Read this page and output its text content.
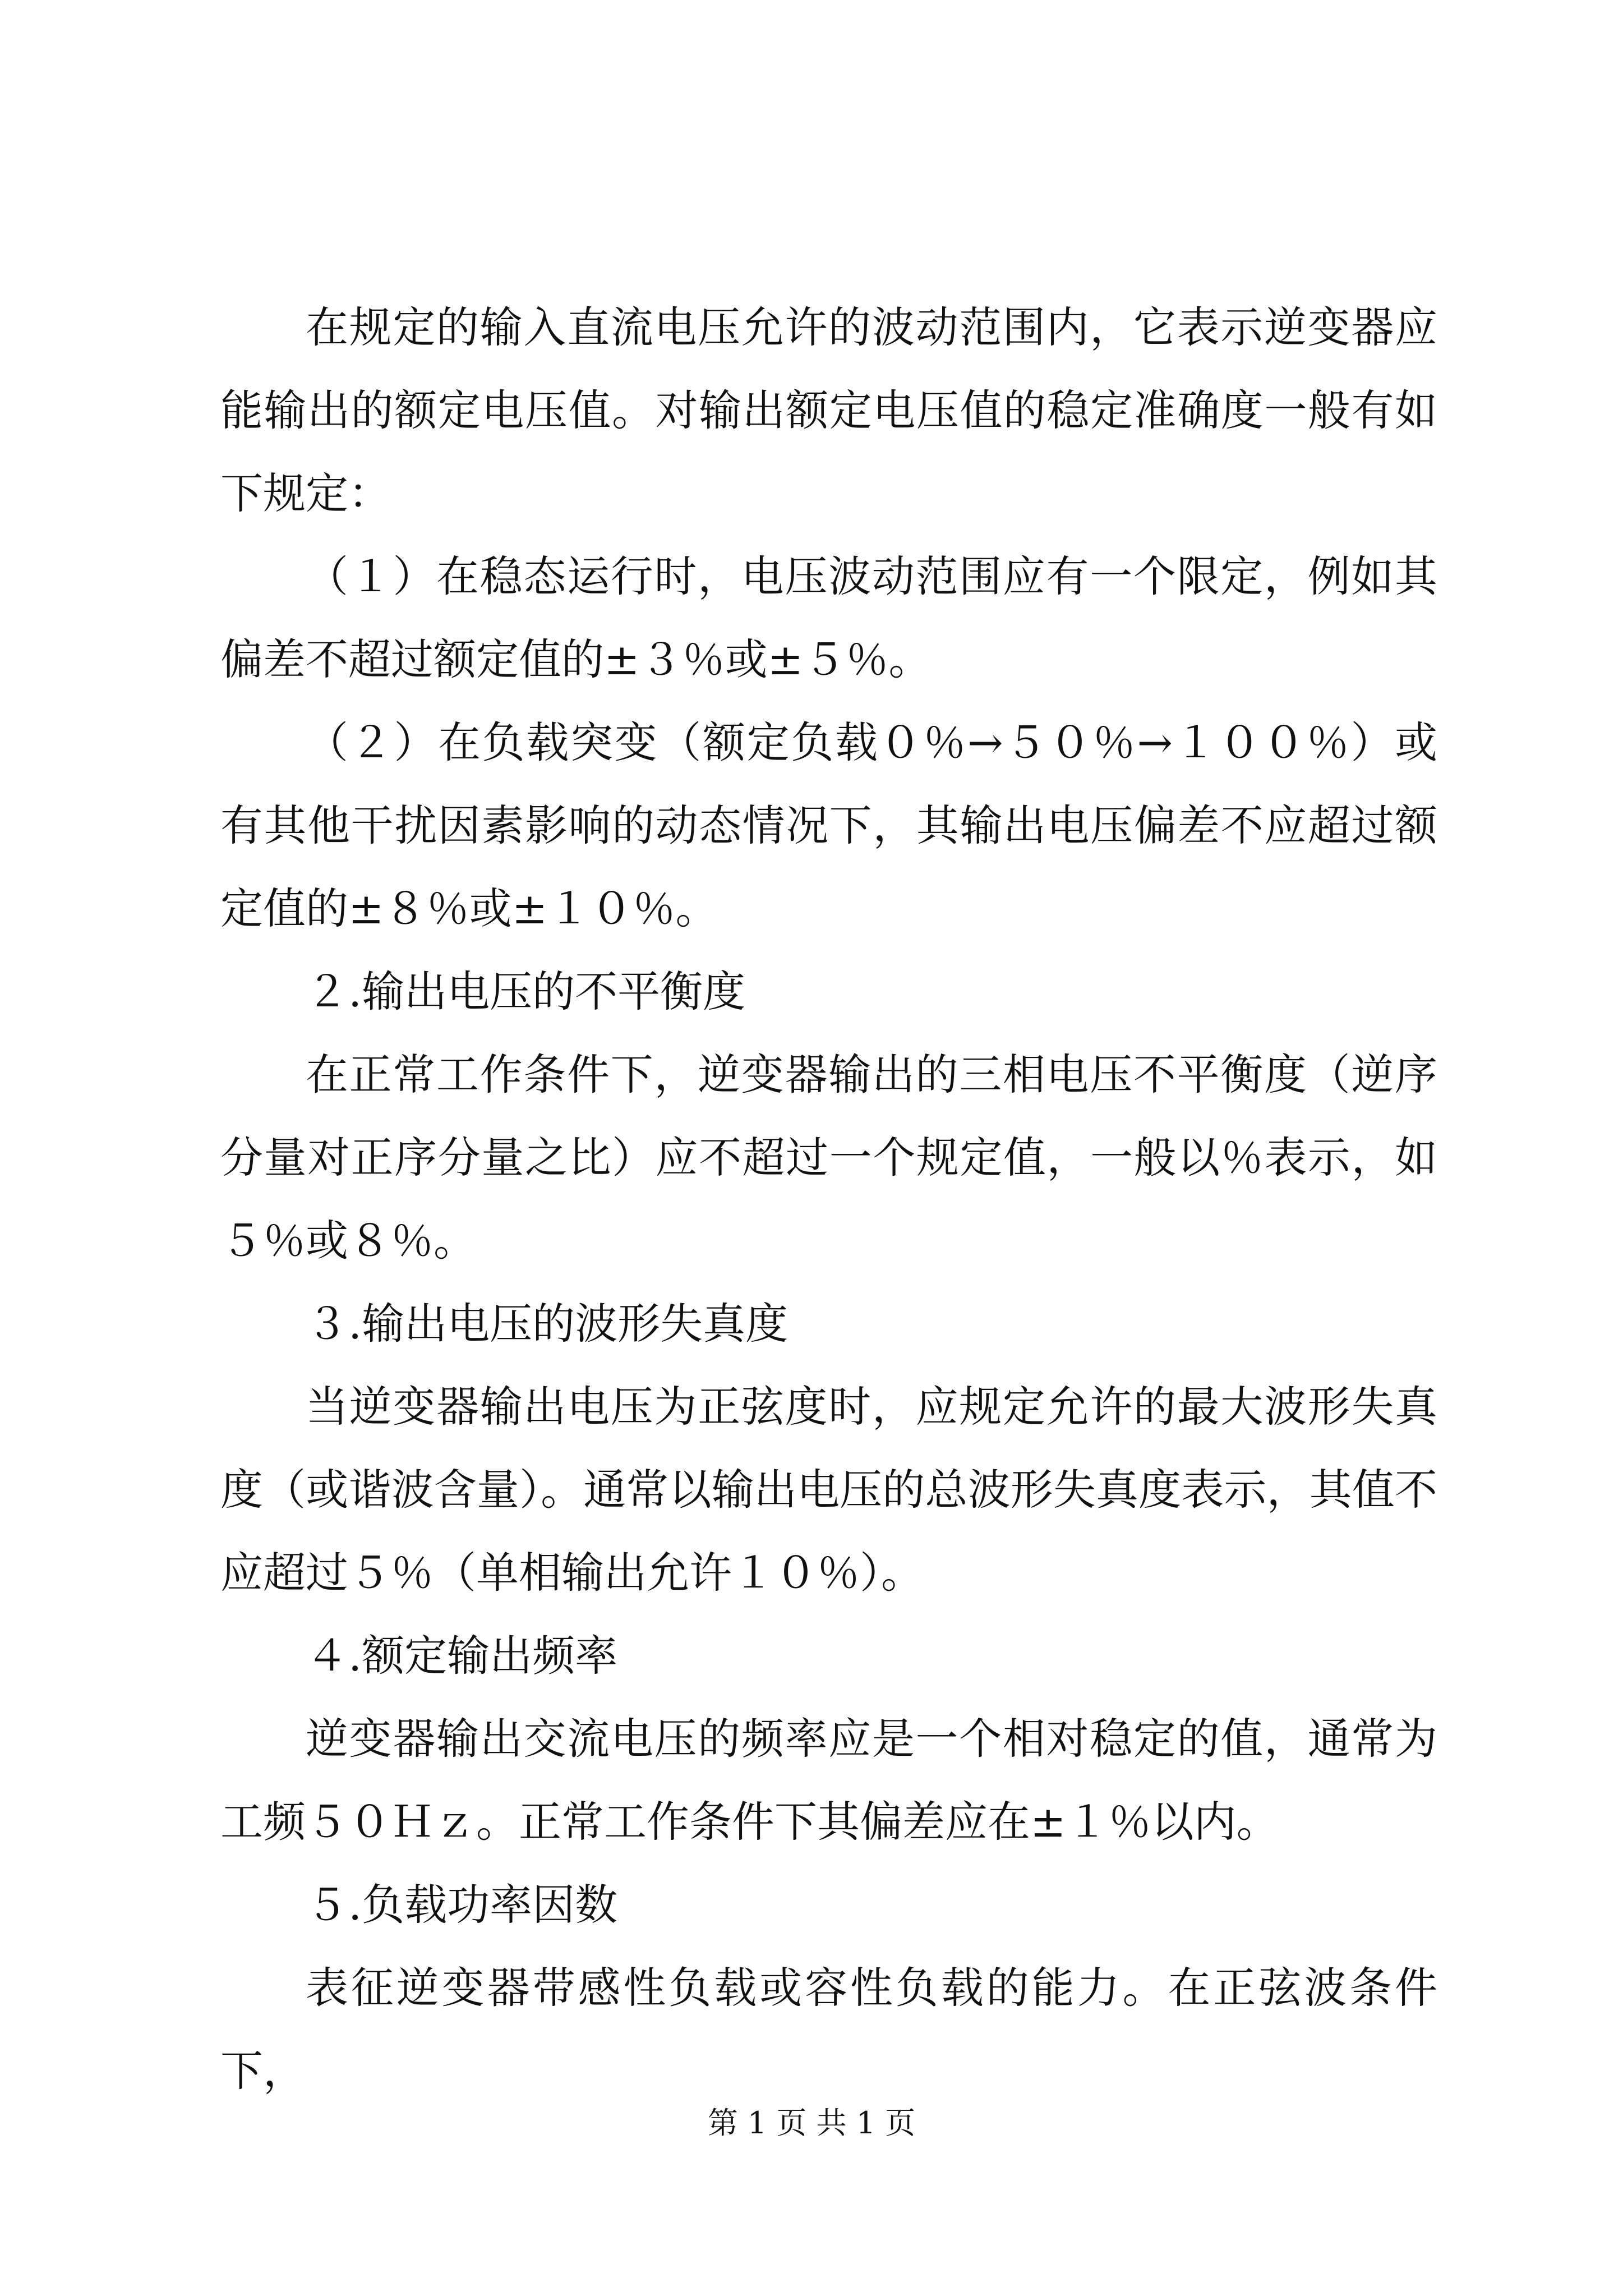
在规定的输入直流电压允许的波动范围内，它表示逆变器应能输出的额定电压值。对输出额定电压值的稳定准确度一般有如下规定：

（１）在稳态运行时，电压波动范围应有一个限定，例如其偏差不超过额定值的±３％或±５％。

（２）在负载突变（额定负载０％→５０％→１００％）或有其他干扰因素影响的动态情况下，其输出电压偏差不应超过额定值的±８％或±１０％。

２.输出电压的不平衡度

在正常工作条件下，逆变器输出的三相电压不平衡度（逆序分量对正序分量之比）应不超过一个规定值，一般以％表示，如５％或８％。

３.输出电压的波形失真度

当逆变器输出电压为正弦度时，应规定允许的最大波形失真度（或谐波含量）。通常以输出电压的总波形失真度表示，其值不应超过５％（单相输出允许１０％）。

４.额定输出频率

逆变器输出交流电压的频率应是一个相对稳定的值，通常为工频５０Ｈｚ。正常工作条件下其偏差应在±１％以内。

５.负载功率因数

表征逆变器带感性负载或容性负载的能力。在正弦波条件下，

第 1 页 共 1 页
